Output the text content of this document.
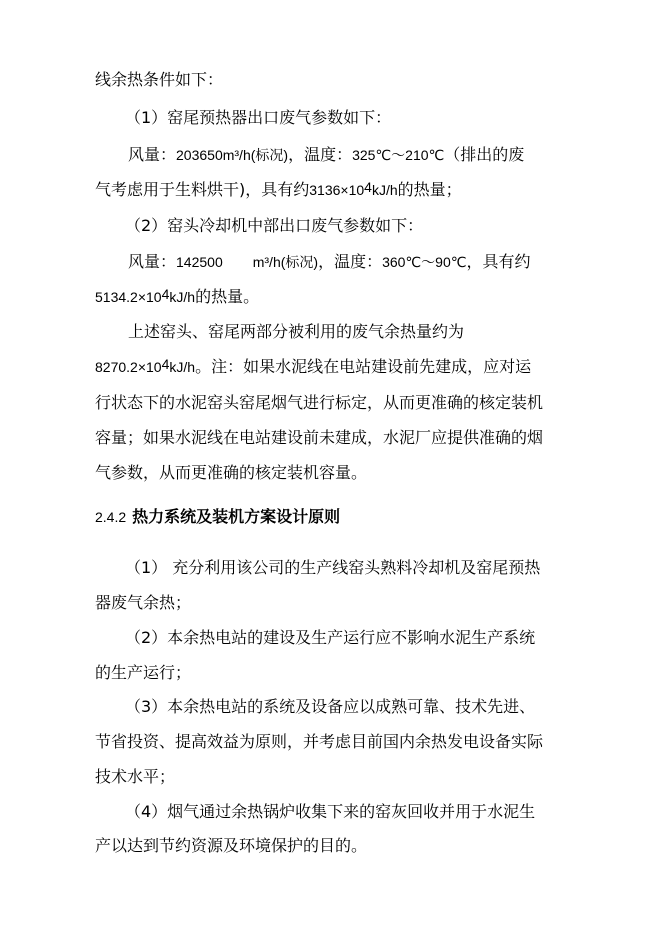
线余热条件如下：
（1）窑尾预热器出口废气参数如下：
风量：203650m³/h(标况)，温度：325℃～210℃（排出的废
气考虑用于生料烘干)，具有约$3136\times 10^4kJ/h$的热量；
（2）窑头冷却机中部出口废气参数如下：
风量：142500 m³/h(标况)，温度：360℃～90℃，具有约
$5134.2\times 10^4kJ/h$的热量。
上述窑头、窑尾两部分被利用的废气余热量约为
$8270.2\times 10^4kJ/h$。注：如果水泥线在电站建设前先建成，应对运
行状态下的水泥窑头窑尾烟气进行标定，从而更准确的核定装机
容量；如果水泥线在电站建设前未建成，水泥厂应提供准确的烟
气参数，从而更准确的核定装机容量。
2.4.2 热力系统及装机方案设计原则
（1） 充分利用该公司的生产线窑头熟料冷却机及窑尾预热
器废气余热；
（2）本余热电站的建设及生产运行应不影响水泥生产系统
的生产运行；
（3）本余热电站的系统及设备应以成熟可靠、技术先进、
节省投资、提高效益为原则，并考虑目前国内余热发电设备实际
技术水平；
（4）烟气通过余热锅炉收集下来的窑灰回收并用于水泥生
产以达到节约资源及环境保护的目的。
